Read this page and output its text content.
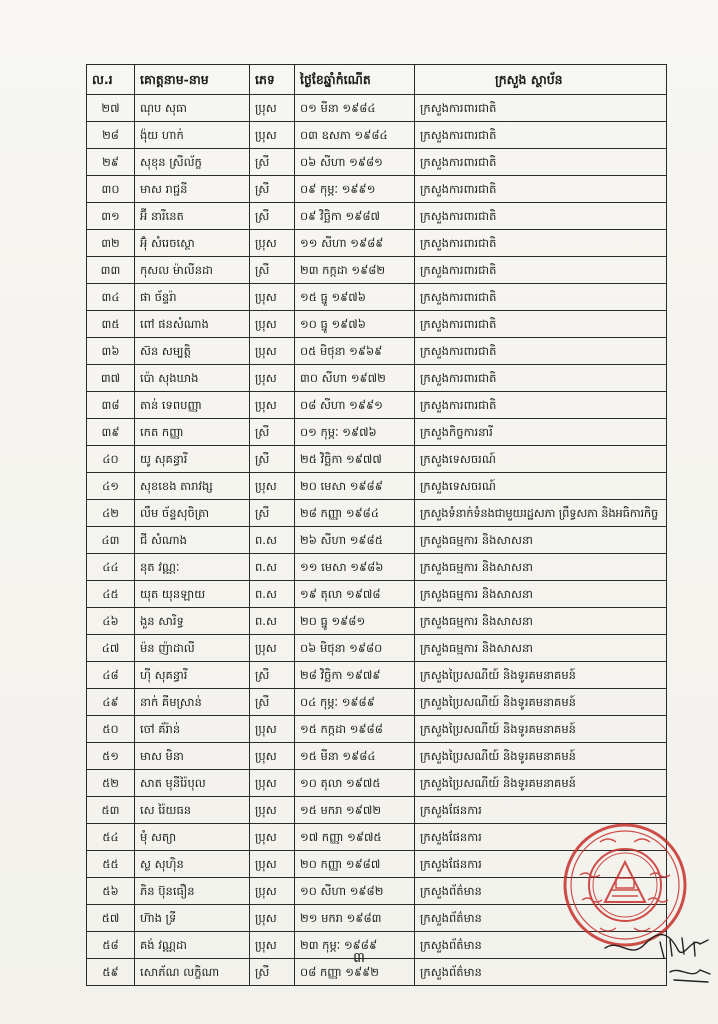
ល.រ	គោត្តនាម-នាម	ភេទ	ថ្ងៃខែឆ្នាំកំណើត	ក្រសួង ស្ថាប័ន
២៧	ណុប សុធា	ប្រុស	០១ មីនា ១៩៨៤	ក្រសួងការពារជាតិ
២៨	ង៉ុយ ហាក់	ប្រុស	០៣ ឧសភា ១៩៨៤	ក្រសួងការពារជាតិ
២៩	សុខុន ស្រីល័ក្ខ	ស្រី	០៦ សីហា ១៩៨១	ក្រសួងការពារជាតិ
៣០	មាស រាជ្ជនី	ស្រី	០៩ កុម្ភៈ ១៩៩១	ក្រសួងការពារជាតិ
៣១	អ៊ី នារីនេត	ស្រី	០៩ វិច្ឆិកា ១៩៨៧	ក្រសួងការពារជាតិ
៣២	អ៊ុំ សំរេចស្ថោ	ប្រុស	១១ សីហា ១៩៨៩	ក្រសួងការពារជាតិ
៣៣	កុសល ម៉ាលីនដា	ស្រី	២៣ កក្កដា ១៩៨២	ក្រសួងការពារជាតិ
៣៤	ផា ច័ន្ទរ៉ា	ប្រុស	១៥ ធ្នូ ១៩៧៦	ក្រសួងការពារជាតិ
៣៥	ពៅ ផនសំណាង	ប្រុស	១០ ធ្នូ ១៩៧៦	ក្រសួងការពារជាតិ
៣៦	ស៊ន សម្បត្តិ	ប្រុស	០៥ មិថុនា ១៩៦៩	ក្រសួងការពារជាតិ
៣៧	ប៉ោ សុងឃាង	ប្រុស	៣០ សីហា ១៩៧២	ក្រសួងការពារជាតិ
៣៨	តាន់ ទេពបញ្ញា	ប្រុស	០៨ សីហា ១៩៩១	ក្រសួងការពារជាតិ
៣៩	កេត កញ្ញា	ស្រី	០១ កុម្ភៈ ១៩៧៦	ក្រសួងកិច្ចការនារី
៤០	យូ សុគន្ធារី	ស្រី	២៥ វិច្ឆិកា ១៩៧៧	ក្រសួងទេសចរណ៍
៤១	សុខខេង តារាវង្ស	ប្រុស	២០ មេសា ១៩៨៩	ក្រសួងទេសចរណ៍
៤២	លឹម ច័ន្ទសុចិត្រា	ស្រី	២៨ កញ្ញា ១៩៨៤	ក្រសួងទំនាក់ទំនងជាមួយរដ្ឋសភា ព្រឹទ្ធសភា និងអធិការកិច្ច
៤៣	ជី សំណាង	ព.ស	២៦ សីហា ១៩៨៥	ក្រសួងធម្មការ និងសាសនា
៤៤	នុត វណ្ណៈ	ព.ស	១១ មេសា ១៩៨៦	ក្រសួងធម្មការ និងសាសនា
៤៥	យុត យុនឡាយ	ព.ស	១៩ តុលា ១៩៧៨	ក្រសួងធម្មការ និងសាសនា
៤៦	ងួន សារិទ្ធ	ព.ស	២០ ធ្នូ ១៩៨១	ក្រសួងធម្មការ និងសាសនា
៤៧	ម៉ន ញ៉ាដាលី	ប្រុស	០៦ មិថុនា ១៩៨០	ក្រសួងធម្មការ និងសាសនា
៤៨	ហ៊ី សុគន្ធារី	ស្រី	២៨ វិច្ឆិកា ១៩៧៩	ក្រសួងប្រៃសណីយ៍ និងទូរគមនាគមន៍
៤៩	នាក់ គីមស្រាន់	ស្រី	០៤ កុម្ភៈ ១៩៨៩	ក្រសួងប្រៃសណីយ៍ និងទូរគមនាគមន៍
៥០	ចៅ គ័រ៉ាន់	ប្រុស	១៥ កក្កដា ១៩៨៨	ក្រសួងប្រៃសណីយ៍ និងទូរគមនាគមន៍
៥១	មាស មិនា	ប្រុស	១៥ មីនា ១៩៨៤	ក្រសួងប្រៃសណីយ៍ និងទូរគមនាគមន៍
៥២	សាត មុនីរ៉ៃបុល	ប្រុស	១០ តុលា ១៩៧៥	ក្រសួងប្រៃសណីយ៍ និងទូរគមនាគមន៍
៥៣	សេ រ៉ៃយធន	ប្រុស	១៥ មករា ១៩៧២	ក្រសួងផែនការ
៥៤	មុំ សត្យា	ប្រុស	១៧ កញ្ញា ១៩៧៥	ក្រសួងផែនការ
៥៥	ស្ល សុហ៊ិន	ប្រុស	២០ កញ្ញា ១៩៨៧	ក្រសួងផែនការ
៥៦	ភិន ប៊ុនធឿន	ប្រុស	១០ សីហា ១៩៨២	ក្រសួងព័ត៌មាន
៥៧	ហ៊ាង ទ្រី	ប្រុស	២១ មករា ១៩៨៣	ក្រសួងព័ត៌មាន
៥៨	គង់ វណ្ណដា	ប្រុស	២៣ កុម្ភៈ ១៩៨៩	ក្រសួងព័ត៌មាន
៥៩	សោភ័ណ លក្ខិណា	ស្រី	០៨ កញ្ញា ១៩៩២	ក្រសួងព័ត៌មាន
៣
